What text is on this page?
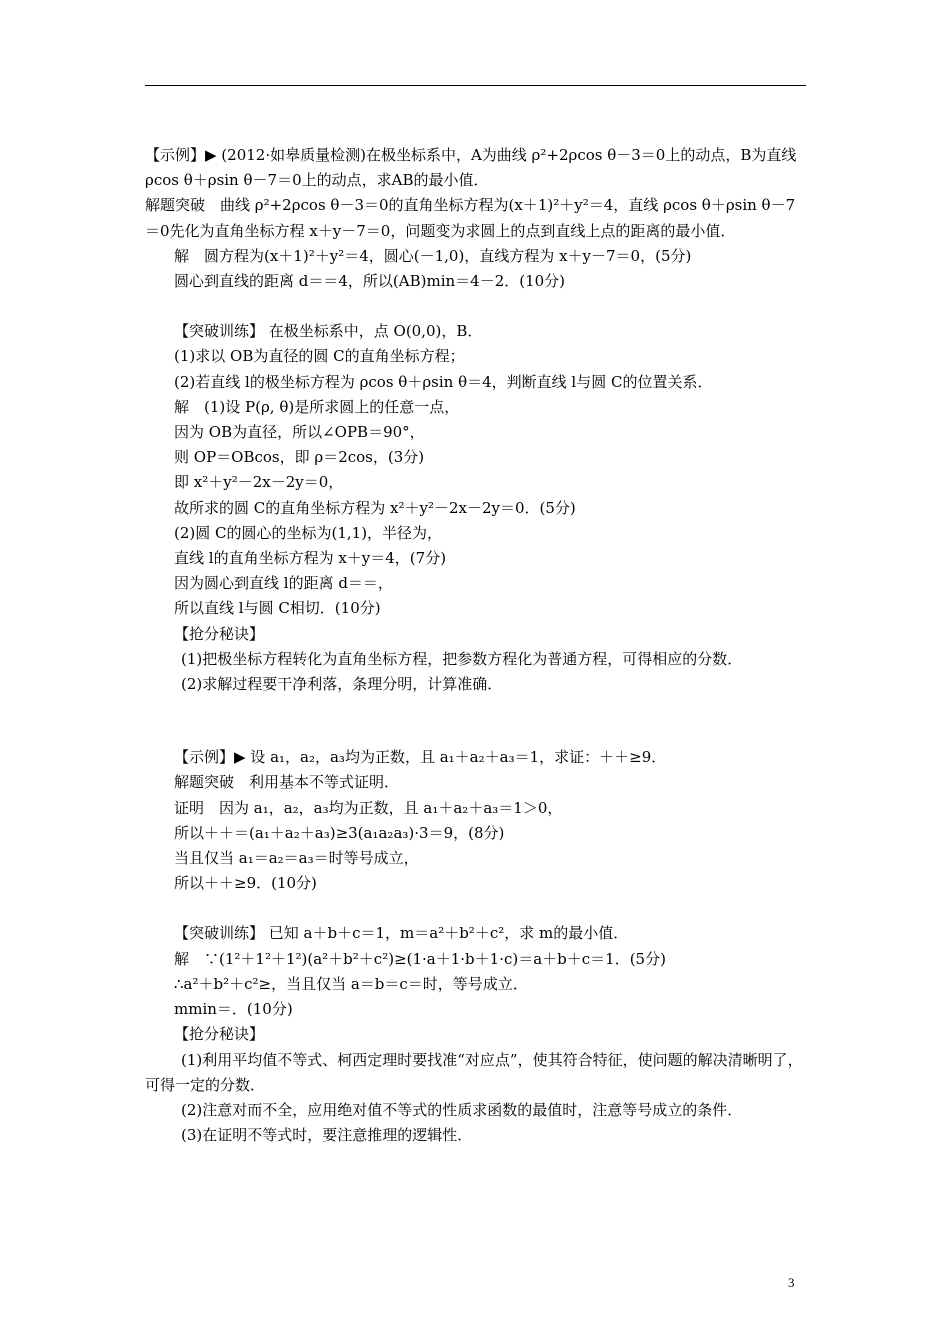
【示例】▶ (2012·如皋质量检测)在极坐标系中，A为曲线 ρ²+2ρcos θ－3＝0上的动点，B为直线 ρcos θ＋ρsin θ－7＝0上的动点，求AB的最小值．
解题突破　曲线 ρ²+2ρcos θ－3＝0的直角坐标方程为(x＋1)²＋y²＝4，直线 ρcos θ＋ρsin θ－7＝0先化为直角坐标方程 x＋y－7＝0，问题变为求圆上的点到直线上点的距离的最小值．
解　圆方程为(x＋1)²＋y²＝4，圆心(－1,0)，直线方程为 x＋y－7＝0，(5分)
圆心到直线的距离 d＝＝4，所以(AB)min＝4－2．(10分)
【突破训练】 在极坐标系中，点 O(0,0)，B．
(1)求以 OB为直径的圆 C的直角坐标方程；
(2)若直线 l的极坐标方程为 ρcos θ＋ρsin θ＝4，判断直线 l与圆 C的位置关系．
解　(1)设 P(ρ, θ)是所求圆上的任意一点，
因为 OB为直径，所以∠OPB＝90°，
则 OP＝OBcos，即 ρ＝2cos，(3分)
即 x²＋y²－2x－2y＝0，
故所求的圆 C的直角坐标方程为 x²＋y²－2x－2y＝0．(5分)
(2)圆 C的圆心的坐标为(1,1)，半径为，
直线 l的直角坐标方程为 x＋y＝4，(7分)
因为圆心到直线 l的距离 d＝＝，
所以直线 l与圆 C相切．(10分)
【抢分秘诀】
(1)把极坐标方程转化为直角坐标方程，把参数方程化为普通方程，可得相应的分数．
(2)求解过程要干净利落，条理分明，计算准确．
【示例】▶ 设 a₁，a₂，a₃均为正数，且 a₁＋a₂＋a₃＝1，求证：＋＋≥9．
解题突破　利用基本不等式证明．
证明　因为 a₁，a₂，a₃均为正数，且 a₁＋a₂＋a₃＝1＞0，
所以＋＋＝(a₁＋a₂＋a₃)≥3(a₁a₂a₃)·3＝9，(8分)
当且仅当 a₁＝a₂＝a₃＝时等号成立，
所以＋＋≥9．(10分)
【突破训练】 已知 a＋b＋c＝1，m＝a²＋b²＋c²，求 m的最小值．
解　∵(1²＋1²＋1²)(a²＋b²＋c²)≥(1·a＋1·b＋1·c)＝a＋b＋c＝1．(5分)
∴a²＋b²＋c²≥，当且仅当 a＝b＝c＝时，等号成立．
mmin＝．(10分)
【抢分秘诀】
(1)利用平均值不等式、柯西定理时要找准“对应点”，使其符合特征，使问题的解决清晰明了，可得一定的分数．
(2)注意对而不全，应用绝对值不等式的性质求函数的最值时，注意等号成立的条件．
(3)在证明不等式时，要注意推理的逻辑性．
3
